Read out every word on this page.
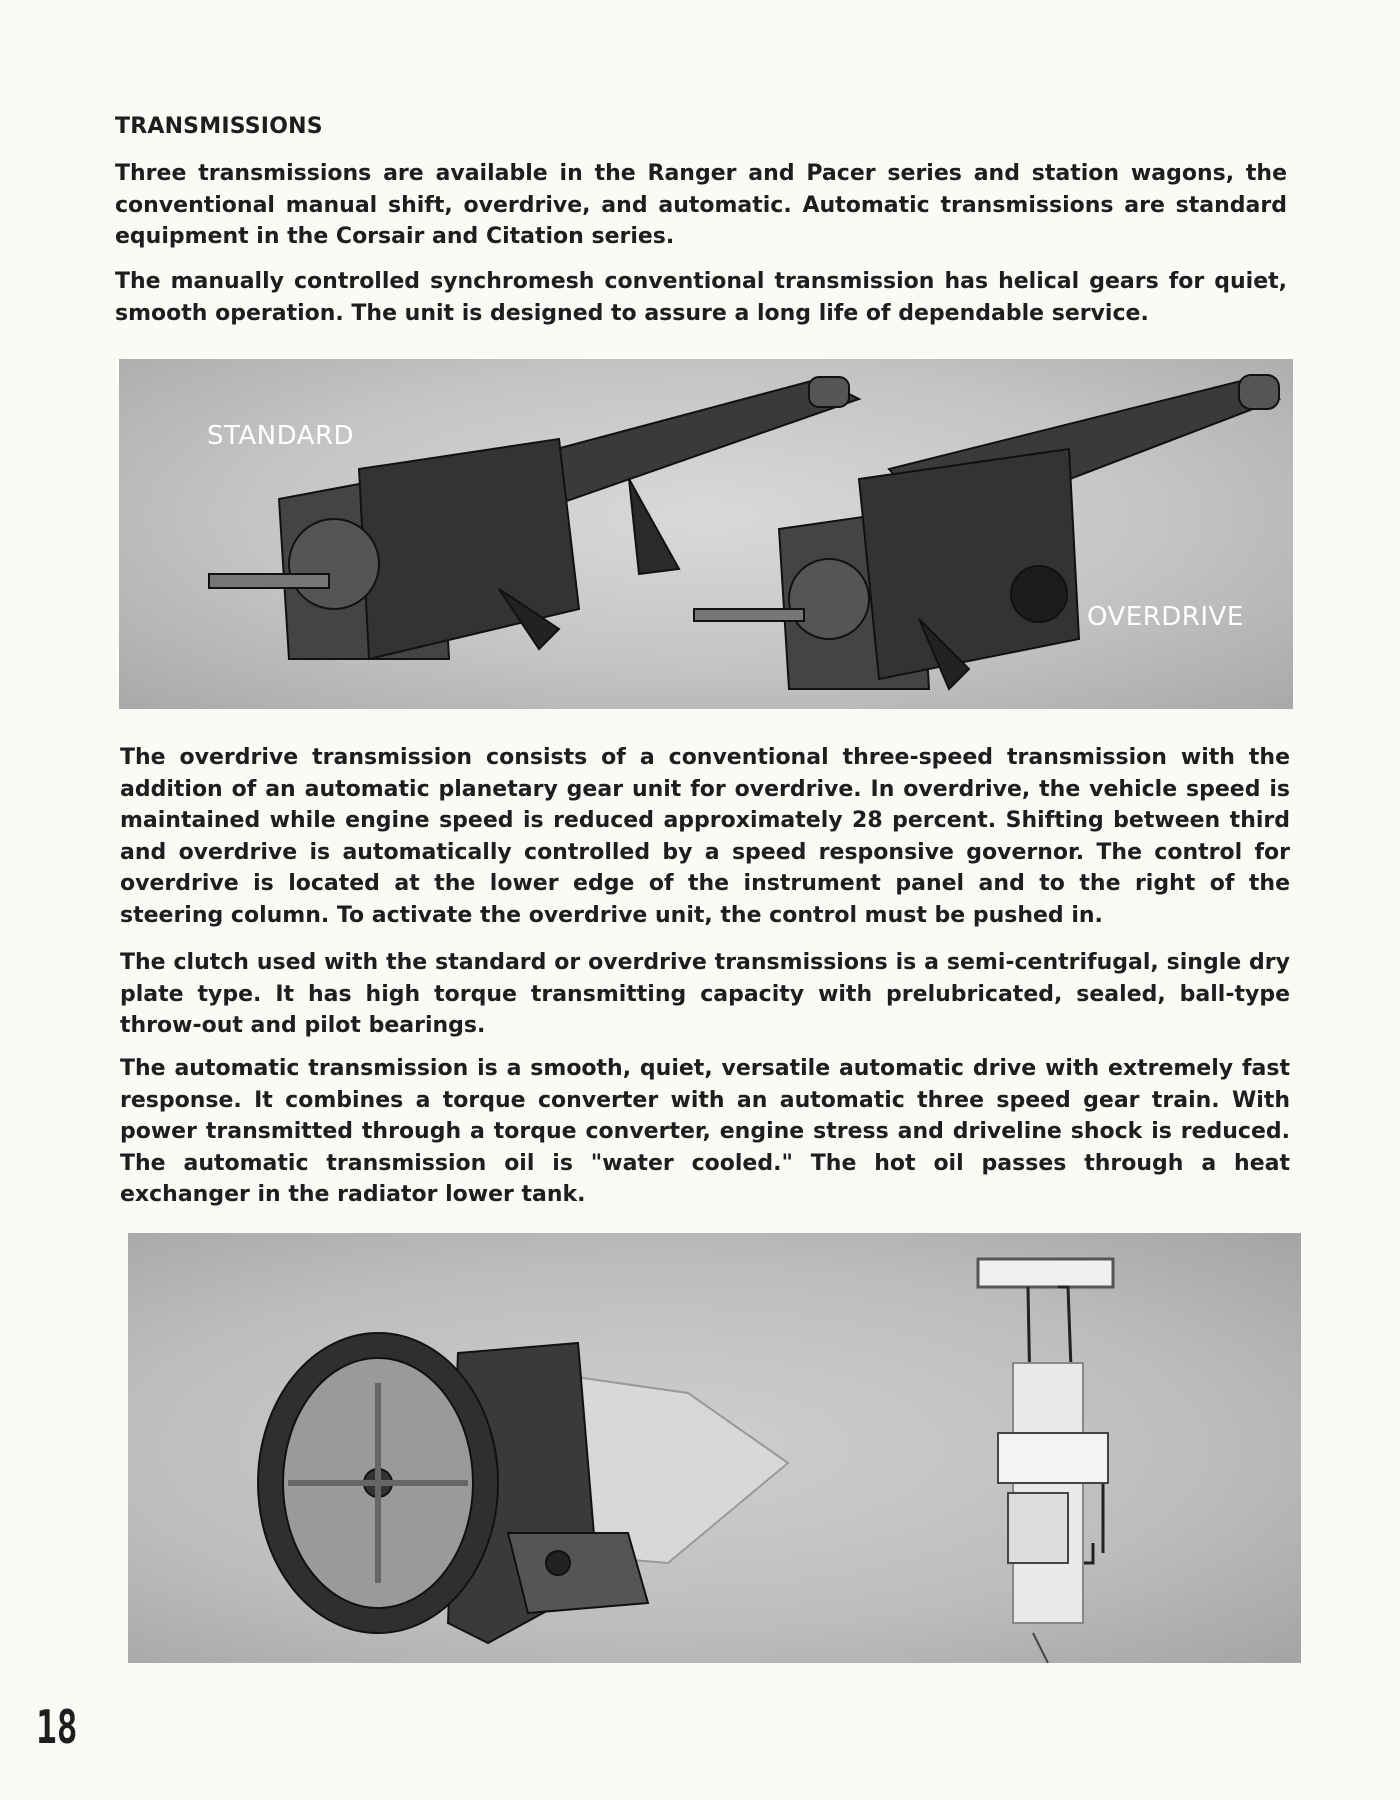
TRANSMISSIONS

Three transmissions are available in the Ranger and Pacer series and station wagons, the conventional manual shift, overdrive, and automatic. Automatic transmissions are standard equipment in the Corsair and Citation series.

The manually controlled synchromesh conventional transmission has helical gears for quiet, smooth operation. The unit is designed to assure a long life of dependable service.

STANDARD
OVERDRIVE

The overdrive transmission consists of a conventional three-speed transmission with the addition of an automatic planetary gear unit for overdrive. In overdrive, the vehicle speed is maintained while engine speed is reduced approximately 28 percent. Shifting between third and overdrive is automatically controlled by a speed responsive governor. The control for overdrive is located at the lower edge of the instrument panel and to the right of the steering column. To activate the overdrive unit, the control must be pushed in.

The clutch used with the standard or overdrive transmissions is a semi-centrifugal, single dry plate type. It has high torque transmitting capacity with prelubricated, sealed, ball-type throw-out and pilot bearings.

The automatic transmission is a smooth, quiet, versatile automatic drive with extremely fast response. It combines a torque converter with an automatic three speed gear train. With power transmitted through a torque converter, engine stress and driveline shock is reduced. The automatic transmission oil is "water cooled." The hot oil passes through a heat exchanger in the radiator lower tank.

18
